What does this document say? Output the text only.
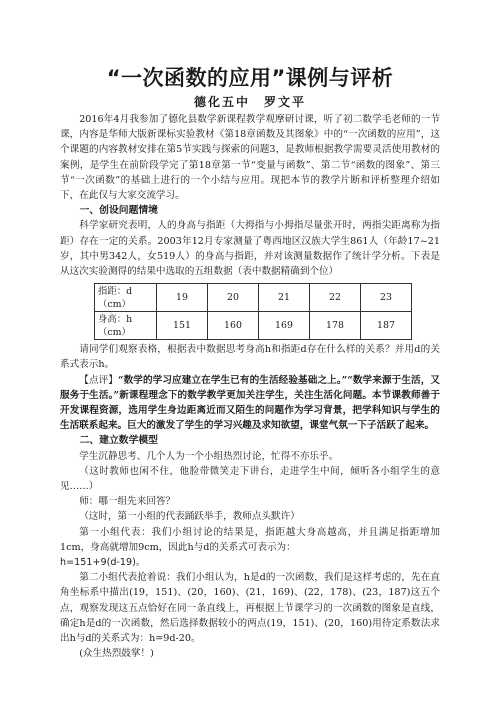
“一次函数的应用”课例与评析
德化五中　罗文平

2016年4月我参加了德化县数学新课程教学观摩研讨课，听了初二数学毛老师的一节课，内容是华师大版新课标实验教材《第18章函数及其图象》中的“一次函数的应用”，这个课题的内容教材安排在第5节实践与探索的问题3，是教师根据教学需要灵活使用教材的案例，是学生在前阶段学完了第18章第一节“变量与函数”、第二节“函数的图象”、第三节“一次函数”的基础上进行的一个小结与应用。现把本节的教学片断和评析整理介绍如下，在此仅与大家交流学习。

一、创设问题情境

科学家研究表明，人的身高与指距（大拇指与小拇指尽量张开时，两指尖距离称为指距）存在一定的关系。2003年12月专家测量了粤西地区汉族大学生861人（年龄17~21岁，其中男342人，女519人）的身高与指距，并对该测量数据作了统计学分析。下表是从这次实验测得的结果中选取的五组数据（表中数据精确到个位）

指距：d（cm）	19	20	21	22	23
身高：h（cm）	151	160	169	178	187

请同学们观察表格，根据表中数据思考身高h和指距d存在什么样的关系？并用d的关系式表示h。

【点评】“数学的学习应建立在学生已有的生活经验基础之上。”“数学来源于生活，又服务于生活。”新课程理念下的数学教学更加关注学生，关注生活化问题。本节课教师善于开发课程资源，选用学生身边距离近而又陌生的问题作为学习背景，把学科知识与学生的生活联系起来。巨大的激发了学生的学习兴趣及求知欲望，课堂气氛一下子活跃了起来。

二、建立数学模型

学生沉静思考、几个人为一个小组热烈讨论，忙得不亦乐乎。

（这时教师也闲不住，他脸带微笑走下讲台，走进学生中间，倾听各小组学生的意见……）

师：哪一组先来回答？

（这时，第一小组的代表踊跃举手，教师点头默许）

第一小组代表：我们小组讨论的结果是，指距越大身高越高，并且满足指距增加1cm，身高就增加9cm，因此h与d的关系式可表示为：

h=151+9(d-19)。

第二小组代表抢着说：我们小组认为，h是d的一次函数，我们是这样考虑的，先在直角坐标系中描出(19，151)、(20，160)、(21，169)、(22，178)、(23，187)这五个点，观察发现这五点恰好在同一条直线上，再根据上节课学习的一次函数的图象是直线，确定h是d的一次函数，然后选择数据较小的两点(19，151)、(20，160)用待定系数法求出h与d的关系式为：h=9d-20。

(众生热烈鼓掌！)
